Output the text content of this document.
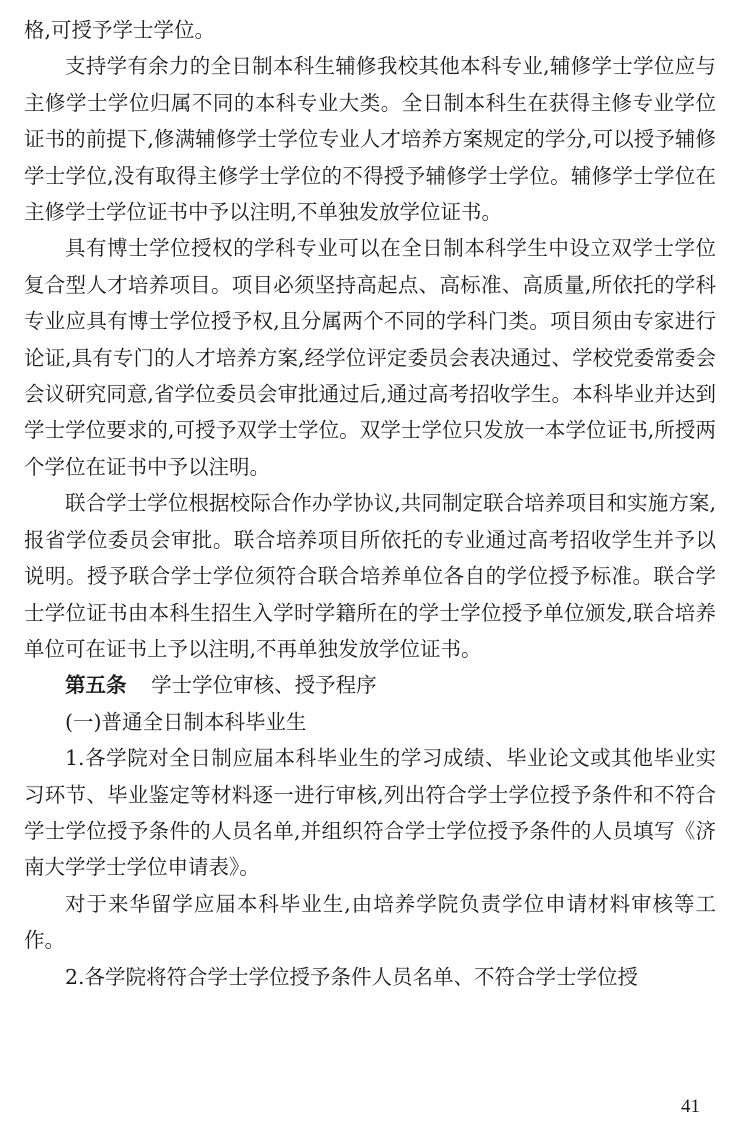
格,可授予学士学位。

支持学有余力的全日制本科生辅修我校其他本科专业,辅修学士学位应与主修学士学位归属不同的本科专业大类。全日制本科生在获得主修专业学位证书的前提下,修满辅修学士学位专业人才培养方案规定的学分,可以授予辅修学士学位,没有取得主修学士学位的不得授予辅修学士学位。辅修学士学位在主修学士学位证书中予以注明,不单独发放学位证书。

具有博士学位授权的学科专业可以在全日制本科学生中设立双学士学位复合型人才培养项目。项目必须坚持高起点、高标准、高质量,所依托的学科专业应具有博士学位授予权,且分属两个不同的学科门类。项目须由专家进行论证,具有专门的人才培养方案,经学位评定委员会表决通过、学校党委常委会会议研究同意,省学位委员会审批通过后,通过高考招收学生。本科毕业并达到学士学位要求的,可授予双学士学位。双学士学位只发放一本学位证书,所授两个学位在证书中予以注明。

联合学士学位根据校际合作办学协议,共同制定联合培养项目和实施方案,报省学位委员会审批。联合培养项目所依托的专业通过高考招收学生并予以说明。授予联合学士学位须符合联合培养单位各自的学位授予标准。联合学士学位证书由本科生招生入学时学籍所在的学士学位授予单位颁发,联合培养单位可在证书上予以注明,不再单独发放学位证书。

第五条 学士学位审核、授予程序

(一)普通全日制本科毕业生

1.各学院对全日制应届本科毕业生的学习成绩、毕业论文或其他毕业实习环节、毕业鉴定等材料逐一进行审核,列出符合学士学位授予条件和不符合学士学位授予条件的人员名单,并组织符合学士学位授予条件的人员填写《济南大学学士学位申请表》。

对于来华留学应届本科毕业生,由培养学院负责学位申请材料审核等工作。

2.各学院将符合学士学位授予条件人员名单、不符合学士学位授

41
